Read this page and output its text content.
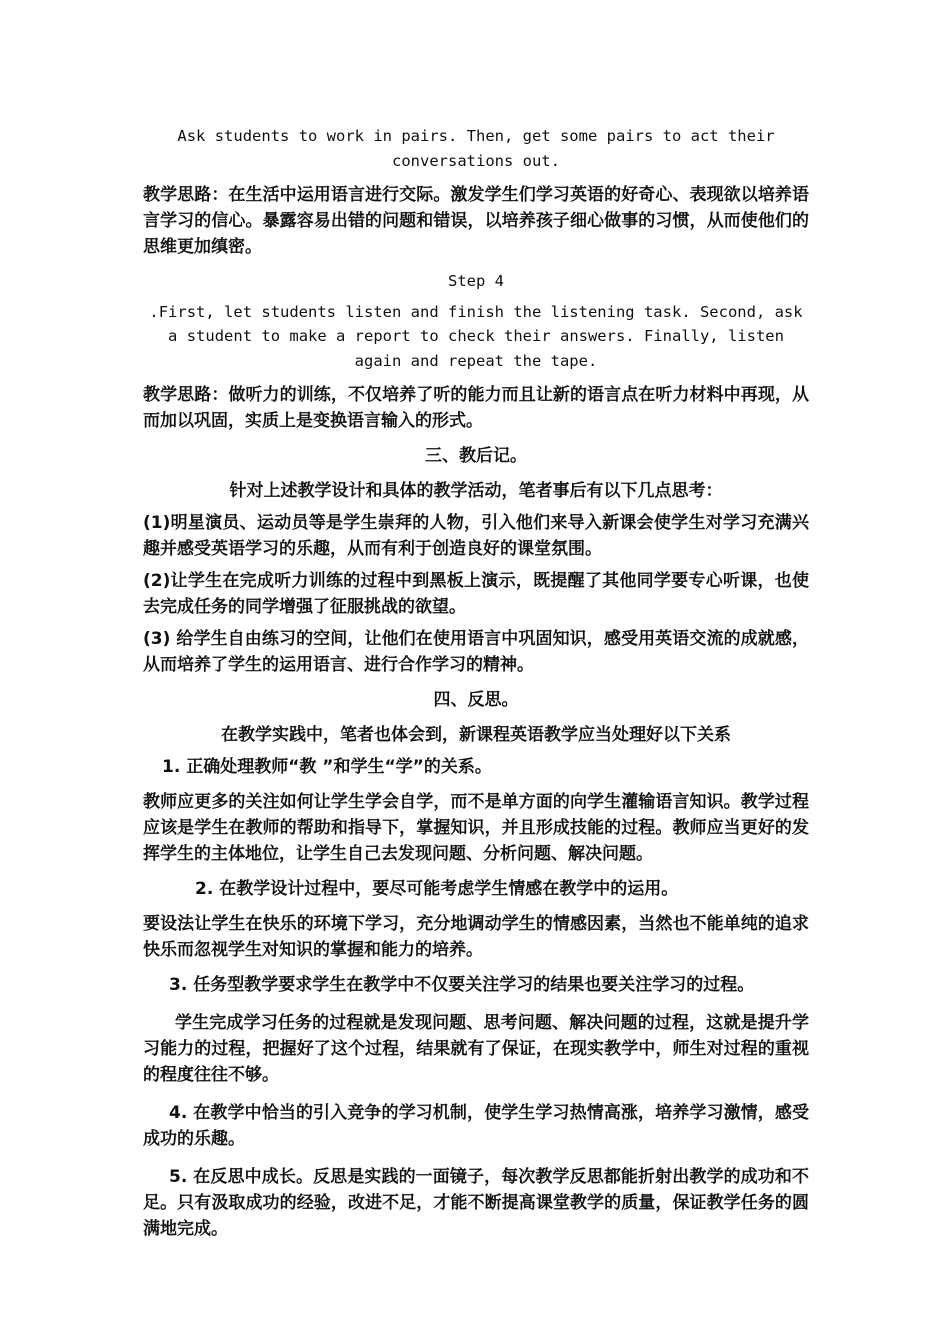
Ask students to work in pairs. Then, get some pairs to act their conversations out.

教学思路：在生活中运用语言进行交际。激发学生们学习英语的好奇心、表现欲以培养语言学习的信心。暴露容易出错的问题和错误，以培养孩子细心做事的习惯，从而使他们的思维更加缜密。

Step 4

.First, let students listen and finish the listening task. Second, ask a student to make a report to check their answers. Finally, listen again and repeat the tape.

教学思路：做听力的训练，不仅培养了听的能力而且让新的语言点在听力材料中再现，从而加以巩固，实质上是变换语言输入的形式。

三、教后记。

针对上述教学设计和具体的教学活动，笔者事后有以下几点思考：

(1)明星演员、运动员等是学生崇拜的人物，引入他们来导入新课会使学生对学习充满兴趣并感受英语学习的乐趣，从而有利于创造良好的课堂氛围。

(2)让学生在完成听力训练的过程中到黑板上演示，既提醒了其他同学要专心听课，也使去完成任务的同学增强了征服挑战的欲望。

(3) 给学生自由练习的空间，让他们在使用语言中巩固知识，感受用英语交流的成就感，从而培养了学生的运用语言、进行合作学习的精神。

四、反思。

在教学实践中，笔者也体会到，新课程英语教学应当处理好以下关系

1. 正确处理教师“教 ”和学生“学”的关系。

教师应更多的关注如何让学生学会自学，而不是单方面的向学生灌输语言知识。教学过程应该是学生在教师的帮助和指导下，掌握知识，并且形成技能的过程。教师应当更好的发挥学生的主体地位，让学生自己去发现问题、分析问题、解决问题。

2. 在教学设计过程中，要尽可能考虑学生情感在教学中的运用。

要设法让学生在快乐的环境下学习，充分地调动学生的情感因素，当然也不能单纯的追求快乐而忽视学生对知识的掌握和能力的培养。

3. 任务型教学要求学生在教学中不仅要关注学习的结果也要关注学习的过程。

学生完成学习任务的过程就是发现问题、思考问题、解决问题的过程，这就是提升学习能力的过程，把握好了这个过程，结果就有了保证，在现实教学中，师生对过程的重视的程度往往不够。

4. 在教学中恰当的引入竞争的学习机制，使学生学习热情高涨，培养学习激情，感受成功的乐趣。

5. 在反思中成长。反思是实践的一面镜子，每次教学反思都能折射出教学的成功和不足。只有汲取成功的经验，改进不足，才能不断提高课堂教学的质量，保证教学任务的圆满地完成。
